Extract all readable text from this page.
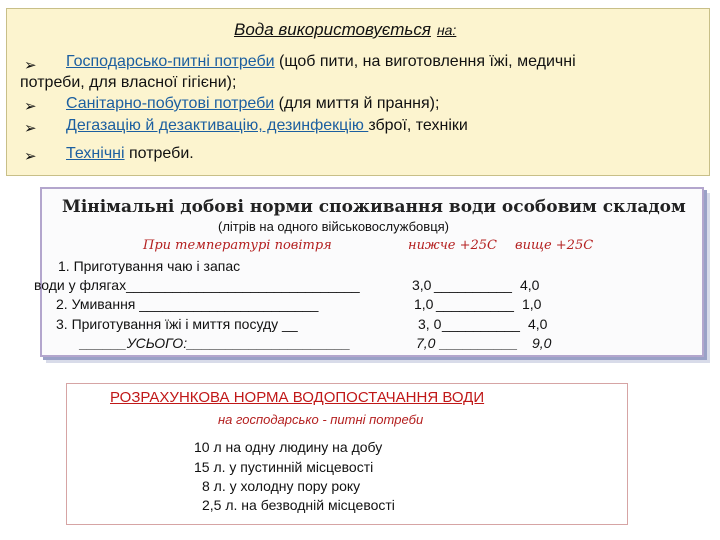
Вода використовується на:
➢ Господарсько-питні потреби (щоб пити, на виготовлення їжі, медичні
потреби, для власної гігієни);
➢ Санітарно-побутові потреби (для миття й прання);
➢ Дегазацію й дезактивацію, дезинфекцію зброї, техніки
➢ Технічні потреби.
Мінімальні добові норми споживання води особовим складом
(літрів на одного військовослужбовця)
При температурі повітря	нижче +25С вище +25С
1. Приготування чаю і запас
води у флягах______________________________	3,0 __________ 4,0
2. Умивання _______________________	1,0 __________ 1,0
3. Приготування їжі і миття посуду __	3, 0 __________ 4,0
______УСЬОГО:_____________________	7,0 __________ 9,0
РОЗРАХУНКОВА НОРМА ВОДОПОСТАЧАННЯ ВОДИ
на господарсько - питні потреби
10 л на одну людину на добу
15 л. у пустинній місцевості
8 л. у холодну пору року
2,5 л. на безводній місцевості
